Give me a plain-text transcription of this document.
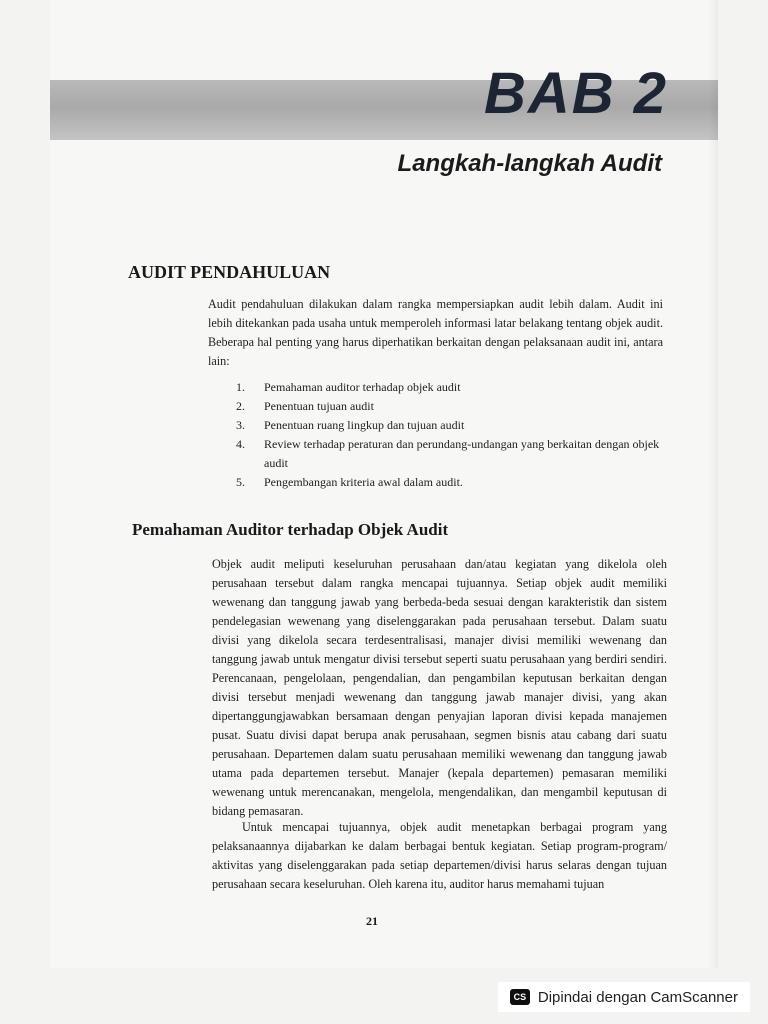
BAB 2
Langkah-langkah Audit
AUDIT PENDAHULUAN
Audit pendahuluan dilakukan dalam rangka mempersiapkan audit lebih dalam. Audit ini lebih ditekankan pada usaha untuk memperoleh informasi latar belakang tentang objek audit. Beberapa hal penting yang harus diperhatikan berkaitan dengan pelaksanaan audit ini, antara lain:
1. Pemahaman auditor terhadap objek audit
2. Penentuan tujuan audit
3. Penentuan ruang lingkup dan tujuan audit
4. Review terhadap peraturan dan perundang-undangan yang berkaitan dengan objek audit
5. Pengembangan kriteria awal dalam audit.
Pemahaman Auditor terhadap Objek Audit
Objek audit meliputi keseluruhan perusahaan dan/atau kegiatan yang dikelola oleh perusahaan tersebut dalam rangka mencapai tujuannya. Setiap objek audit memiliki wewenang dan tanggung jawab yang berbeda-beda sesuai dengan karakteristik dan sistem pendelegasian wewenang yang diselenggarakan pada perusahaan tersebut. Dalam suatu divisi yang dikelola secara terdesentralisasi, manajer divisi memiliki wewenang dan tanggung jawab untuk mengatur divisi tersebut seperti suatu perusahaan yang berdiri sendiri. Perencanaan, pengelolaan, pengendalian, dan pengambilan keputusan berkaitan dengan divisi tersebut menjadi wewenang dan tanggung jawab manajer divisi, yang akan dipertanggungjawabkan bersamaan dengan penyajian laporan divisi kepada manajemen pusat. Suatu divisi dapat berupa anak perusahaan, segmen bisnis atau cabang dari suatu perusahaan. Departemen dalam suatu perusahaan memiliki wewenang dan tanggung jawab utama pada departemen tersebut. Manajer (kepala departemen) pemasaran memiliki wewenang untuk merencanakan, mengelola, mengendalikan, dan mengambil keputusan di bidang pemasaran.
Untuk mencapai tujuannya, objek audit menetapkan berbagai program yang pelaksanaannya dijabarkan ke dalam berbagai bentuk kegiatan. Setiap program-program/ aktivitas yang diselenggarakan pada setiap departemen/divisi harus selaras dengan tujuan perusahaan secara keseluruhan. Oleh karena itu, auditor harus memahami tujuan
21
CS Dipindai dengan CamScanner
